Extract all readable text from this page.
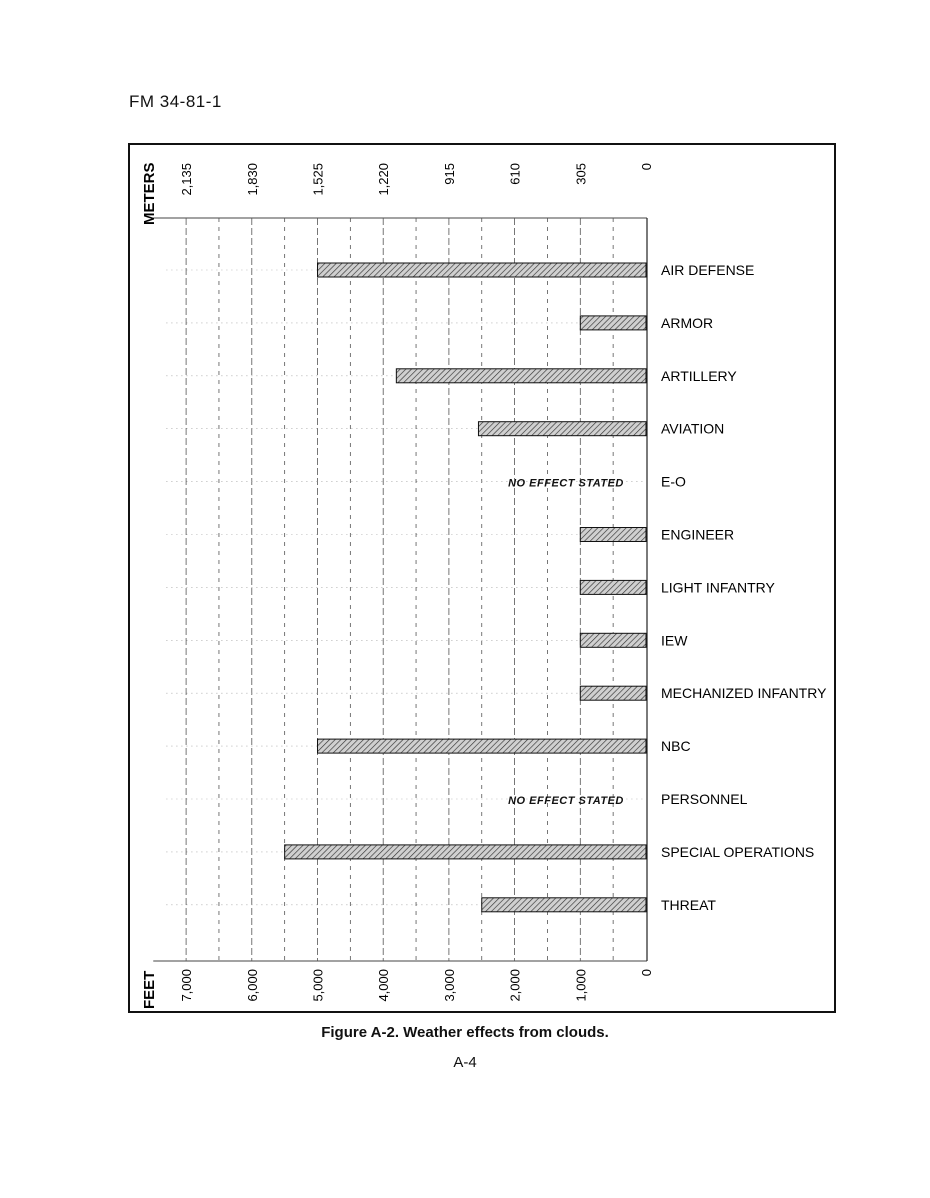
FM 34-81-1
NO EFFECT STATED
NO EFFECT STATED
AIR DEFENSE
ARMOR
ARTILLERY
AVIATION
E-O
ENGINEER
LIGHT INFANTRY
IEW
MECHANIZED INFANTRY
NBC
PERSONNEL
SPECIAL OPERATIONS
THREAT
2,135	1,830	1,525	1,220	915	610	305	0
7,000	6,000	5,000	4,000	3,000	2,000	1,000	0
METERS
FEET
Figure A-2. Weather effects from clouds.
A-4
